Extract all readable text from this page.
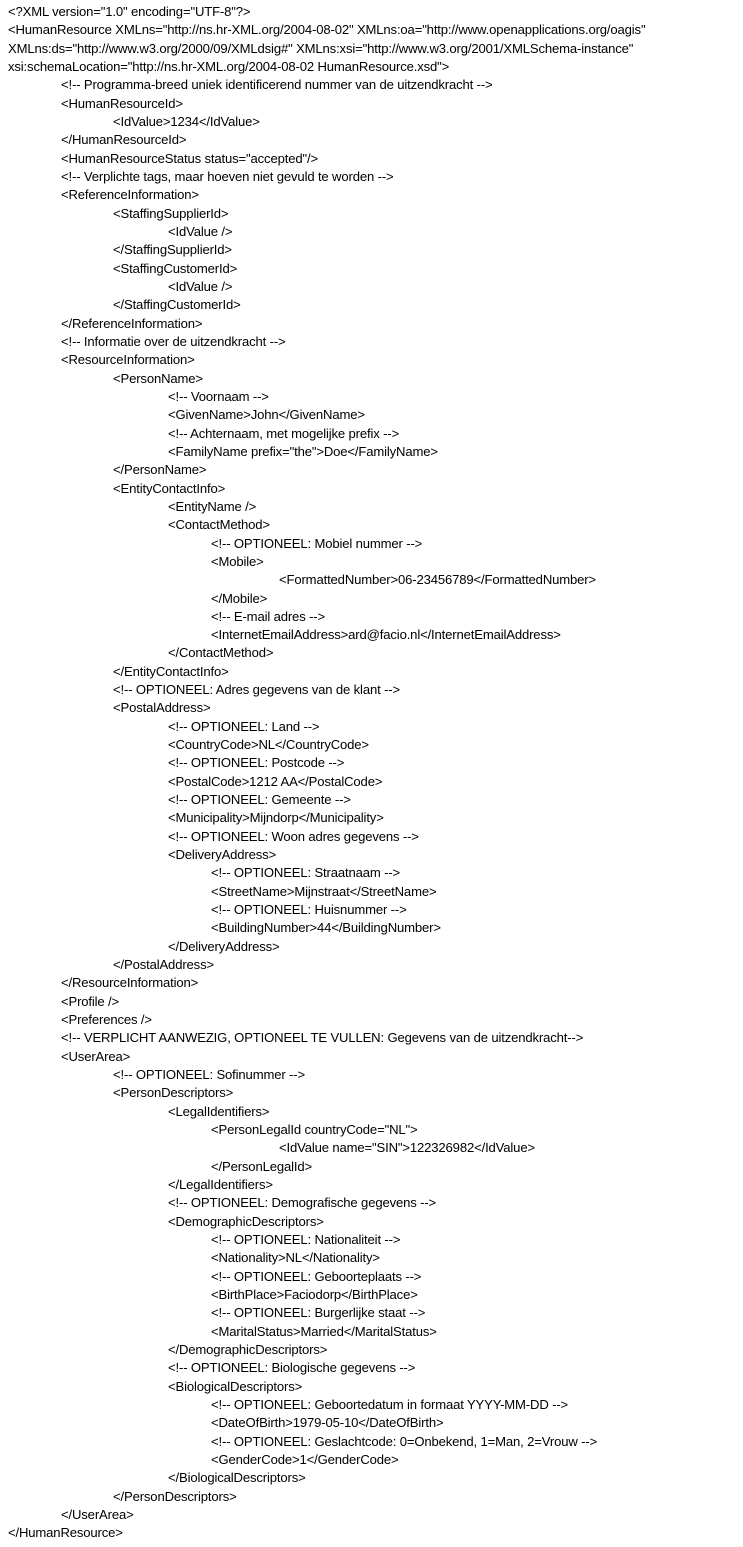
<?XML version="1.0" encoding="UTF-8"?>
<HumanResource XMLns="http://ns.hr-XML.org/2004-08-02" XMLns:oa="http://www.openapplications.org/oagis"
XMLns:ds="http://www.w3.org/2000/09/XMLdsig#" XMLns:xsi="http://www.w3.org/2001/XMLSchema-instance"
xsi:schemaLocation="http://ns.hr-XML.org/2004-08-02 HumanResource.xsd">
<!-- Programma-breed uniek identificerend nummer van de uitzendkracht -->
<HumanResourceId>
<IdValue>1234</IdValue>
</HumanResourceId>
<HumanResourceStatus status="accepted"/>
<!-- Verplichte tags, maar hoeven niet gevuld te worden -->
<ReferenceInformation>
<StaffingSupplierId>
<IdValue />
</StaffingSupplierId>
<StaffingCustomerId>
<IdValue />
</StaffingCustomerId>
</ReferenceInformation>
<!-- Informatie over de uitzendkracht -->
<ResourceInformation>
<PersonName>
<!-- Voornaam -->
<GivenName>John</GivenName>
<!-- Achternaam, met mogelijke prefix -->
<FamilyName prefix="the">Doe</FamilyName>
</PersonName>
<EntityContactInfo>
<EntityName />
<ContactMethod>
<!-- OPTIONEEL: Mobiel nummer -->
<Mobile>
<FormattedNumber>06-23456789</FormattedNumber>
</Mobile>
<!-- E-mail adres -->
<InternetEmailAddress>ard@facio.nl</InternetEmailAddress>
</ContactMethod>
</EntityContactInfo>
<!-- OPTIONEEL: Adres gegevens van de klant -->
<PostalAddress>
<!-- OPTIONEEL: Land -->
<CountryCode>NL</CountryCode>
<!-- OPTIONEEL: Postcode -->
<PostalCode>1212 AA</PostalCode>
<!-- OPTIONEEL: Gemeente -->
<Municipality>Mijndorp</Municipality>
<!-- OPTIONEEL: Woon adres gegevens -->
<DeliveryAddress>
<!-- OPTIONEEL: Straatnaam -->
<StreetName>Mijnstraat</StreetName>
<!-- OPTIONEEL: Huisnummer -->
<BuildingNumber>44</BuildingNumber>
</DeliveryAddress>
</PostalAddress>
</ResourceInformation>
<Profile />
<Preferences />
<!-- VERPLICHT AANWEZIG, OPTIONEEL TE VULLEN: Gegevens van de uitzendkracht-->
<UserArea>
<!-- OPTIONEEL: Sofinummer -->
<PersonDescriptors>
<LegalIdentifiers>
<PersonLegalId countryCode="NL">
<IdValue name="SIN">122326982</IdValue>
</PersonLegalId>
</LegalIdentifiers>
<!-- OPTIONEEL: Demografische gegevens -->
<DemographicDescriptors>
<!-- OPTIONEEL: Nationaliteit -->
<Nationality>NL</Nationality>
<!-- OPTIONEEL: Geboorteplaats -->
<BirthPlace>Faciodorp</BirthPlace>
<!-- OPTIONEEL: Burgerlijke staat -->
<MaritalStatus>Married</MaritalStatus>
</DemographicDescriptors>
<!-- OPTIONEEL: Biologische gegevens -->
<BiologicalDescriptors>
<!-- OPTIONEEL: Geboortedatum in formaat YYYY-MM-DD -->
<DateOfBirth>1979-05-10</DateOfBirth>
<!-- OPTIONEEL: Geslachtcode: 0=Onbekend, 1=Man, 2=Vrouw -->
<GenderCode>1</GenderCode>
</BiologicalDescriptors>
</PersonDescriptors>
</UserArea>
</HumanResource>
